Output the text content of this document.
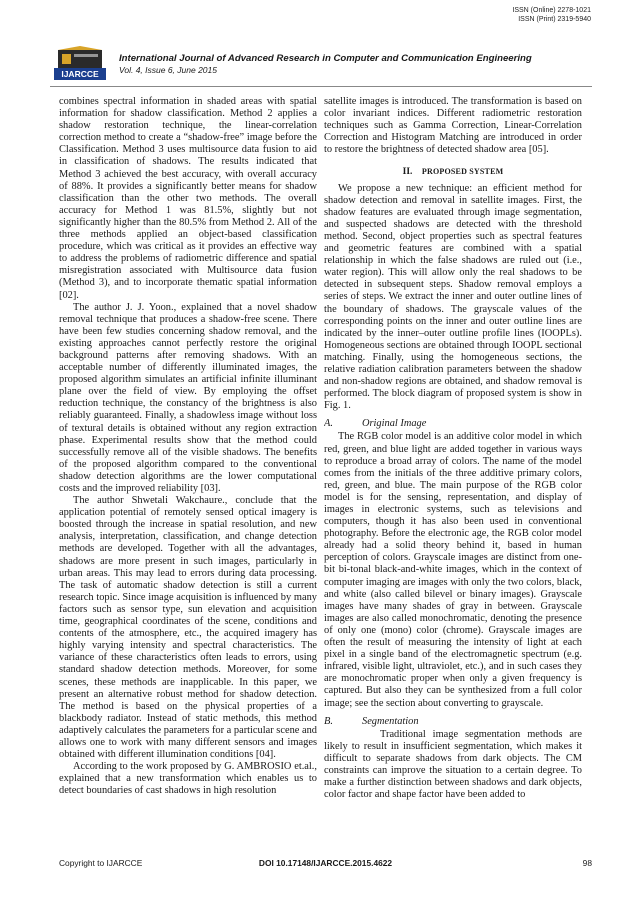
ISSN (Online) 2278-1021
ISSN (Print) 2319-5940
IJARCCE
International Journal of Advanced Research in Computer and Communication Engineering
Vol. 4, Issue 6, June 2015

combines spectral information in shaded areas with spatial information for shadow classification. Method 2 applies a shadow restoration technique, the linear-correlation correction method to create a “shadow-free” image before the Classification. Method 3 uses multisource data fusion to aid in classification of shadows. The results indicated that Method 3 achieved the best accuracy, with overall accuracy of 88%. It provides a significantly better means for shadow classification than the other two methods. The overall accuracy for Method 1 was 81.5%, slightly but not significantly higher than the 80.5% from Method 2. All of the three methods applied an object-based classification procedure, which was critical as it provides an effective way to address the problems of radiometric difference and spatial misregistration associated with Multisource data fusion (Method 3), and to incorporate thematic spatial information [02].

The author J. J. Yoon., explained that a novel shadow removal technique that produces a shadow-free scene. There have been few studies concerning shadow removal, and the existing approaches cannot perfectly restore the original background patterns after removing shadows. With an acceptable number of differently illuminated images, the proposed algorithm simulates an artificial infinite illuminant plane over the field of view. By employing the offset reduction technique, the constancy of the brightness is also reliably guaranteed. Finally, a shadowless image without loss of textural details is obtained without any region extraction phase. Experimental results show that the method could successfully remove all of the visible shadows. The benefits of the proposed algorithm compared to the conventional shadow detection algorithms are the lower computational costs and the improved reliability [03].

The author Shwetali Wakchaure., conclude that the application potential of remotely sensed optical imagery is boosted through the increase in spatial resolution, and new analysis, interpretation, classification, and change detection methods are developed. Together with all the advantages, shadows are more present in such images, particularly in urban areas. This may lead to errors during data processing. The task of automatic shadow detection is still a current research topic. Since image acquisition is influenced by many factors such as sensor type, sun elevation and acquisition time, geographical coordinates of the scene, conditions and contents of the atmosphere, etc., the acquired imagery has highly varying intensity and spectral characteristics. The variance of these characteristics often leads to errors, using standard shadow detection methods. Moreover, for some scenes, these methods are inapplicable. In this paper, we present an alternative robust method for shadow detection. The method is based on the physical properties of a blackbody radiator. Instead of static methods, this method adaptively calculates the parameters for a particular scene and allows one to work with many different sensors and images obtained with different illumination conditions [04].

According to the work proposed by G. AMBROSIO et.al., explained that a new transformation which enables us to detect boundaries of cast shadows in high resolution

satellite images is introduced. The transformation is based on color invariant indices. Different radiometric restoration techniques such as Gamma Correction, Linear-Correlation Correction and Histogram Matching are introduced in order to restore the brightness of detected shadow area [05].

II. PROPOSED SYSTEM

We propose a new technique: an efficient method for shadow detection and removal in satellite images. First, the shadow features are evaluated through image segmentation, and suspected shadows are detected with the threshold method. Second, object properties such as spectral features and geometric features are combined with a spatial relationship in which the false shadows are ruled out (i.e., water region). This will allow only the real shadows to be detected in subsequent steps. Shadow removal employs a series of steps. We extract the inner and outer outline lines of the boundary of shadows. The grayscale values of the corresponding points on the inner and outer outline lines are indicated by the inner–outer outline profile lines (IOOPLs). Homogeneous sections are obtained through IOOPL sectional matching. Finally, using the homogeneous sections, the relative radiation calibration parameters between the shadow and non-shadow regions are obtained, and shadow removal is performed. The block diagram of proposed system is show in Fig. 1.

A.	Original Image

The RGB color model is an additive color model in which red, green, and blue light are added together in various ways to reproduce a broad array of colors. The name of the model comes from the initials of the three additive primary colors, red, green, and blue. The main purpose of the RGB color model is for the sensing, representation, and display of images in electronic systems, such as televisions and computers, though it has also been used in conventional photography. Before the electronic age, the RGB color model already had a solid theory behind it, based in human perception of colors. Grayscale images are distinct from one-bit bi-tonal black-and-white images, which in the context of computer imaging are images with only the two colors, black, and white (also called bilevel or binary images). Grayscale images have many shades of gray in between. Grayscale images are also called monochromatic, denoting the presence of only one (mono) color (chrome). Grayscale images are often the result of measuring the intensity of light at each pixel in a single band of the electromagnetic spectrum (e.g. infrared, visible light, ultraviolet, etc.), and in such cases they are monochromatic proper when only a given frequency is captured. But also they can be synthesized from a full color image; see the section about converting to grayscale.

B.	Segmentation

Traditional image segmentation methods are likely to result in insufficient segmentation, which makes it difficult to separate shadows from dark objects. The CM constraints can improve the situation to a certain degree. To make a further distinction between shadows and dark objects, color factor and shape factor have been added to

Copyright to IJARCCE	DOI 10.17148/IJARCCE.2015.4622	98
